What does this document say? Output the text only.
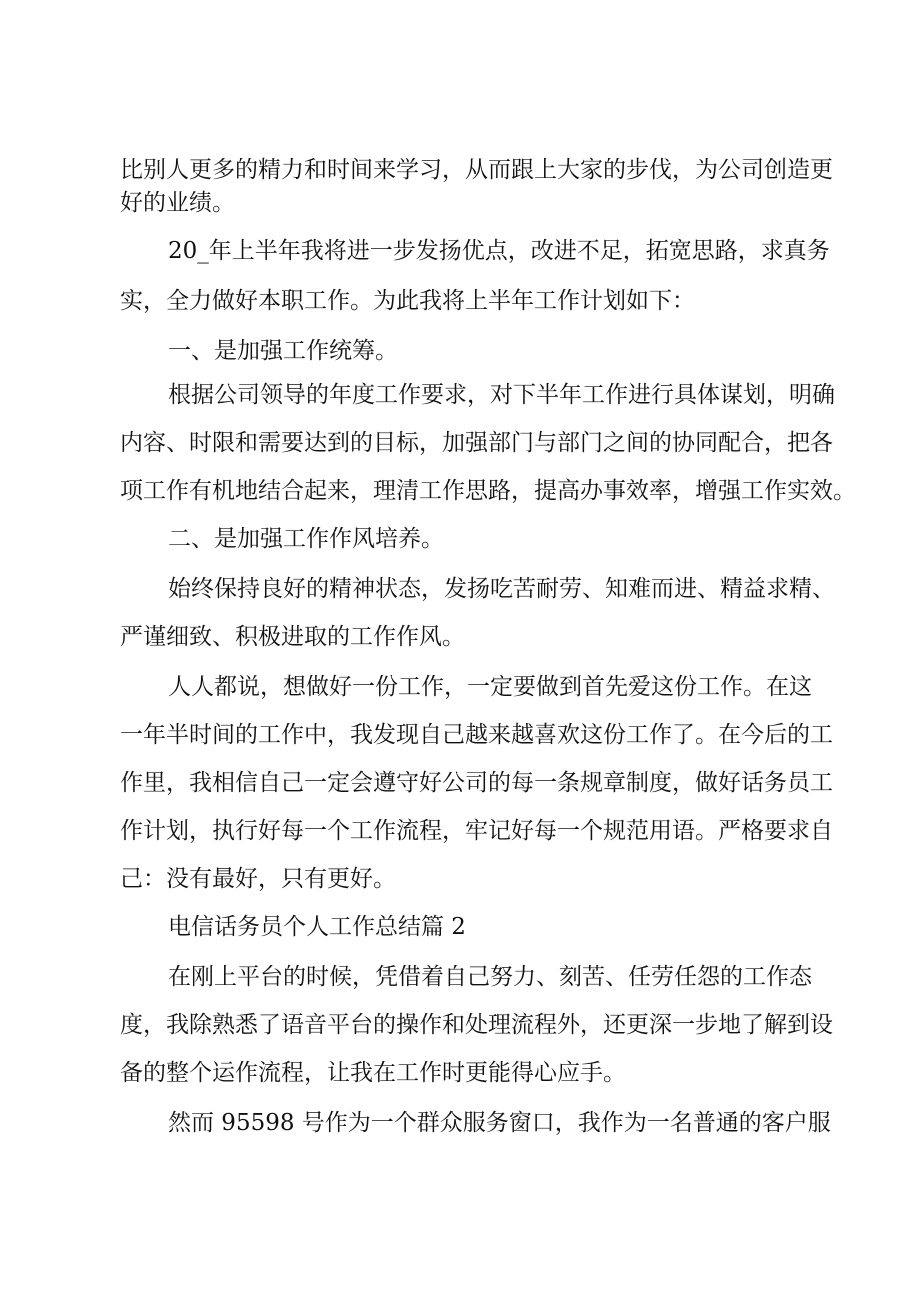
比别人更多的精力和时间来学习，从而跟上大家的步伐，为公司创造更

好的业绩。

20_年上半年我将进一步发扬优点，改进不足，拓宽思路，求真务

实，全力做好本职工作。为此我将上半年工作计划如下：

一、是加强工作统筹。

根据公司领导的年度工作要求，对下半年工作进行具体谋划，明确

内容、时限和需要达到的目标，加强部门与部门之间的协同配合，把各

项工作有机地结合起来，理清工作思路，提高办事效率，增强工作实效。

二、是加强工作作风培养。

始终保持良好的精神状态，发扬吃苦耐劳、知难而进、精益求精、

严谨细致、积极进取的工作作风。

人人都说，想做好一份工作，一定要做到首先爱这份工作。在这

一年半时间的工作中，我发现自己越来越喜欢这份工作了。在今后的工

作里，我相信自己一定会遵守好公司的每一条规章制度，做好话务员工

作计划，执行好每一个工作流程，牢记好每一个规范用语。严格要求自

己：没有最好，只有更好。

电信话务员个人工作总结篇 2

在刚上平台的时候，凭借着自己努力、刻苦、任劳任怨的工作态

度，我除熟悉了语音平台的操作和处理流程外，还更深一步地了解到设

备的整个运作流程，让我在工作时更能得心应手。

然而 95598 号作为一个群众服务窗口，我作为一名普通的客户服
